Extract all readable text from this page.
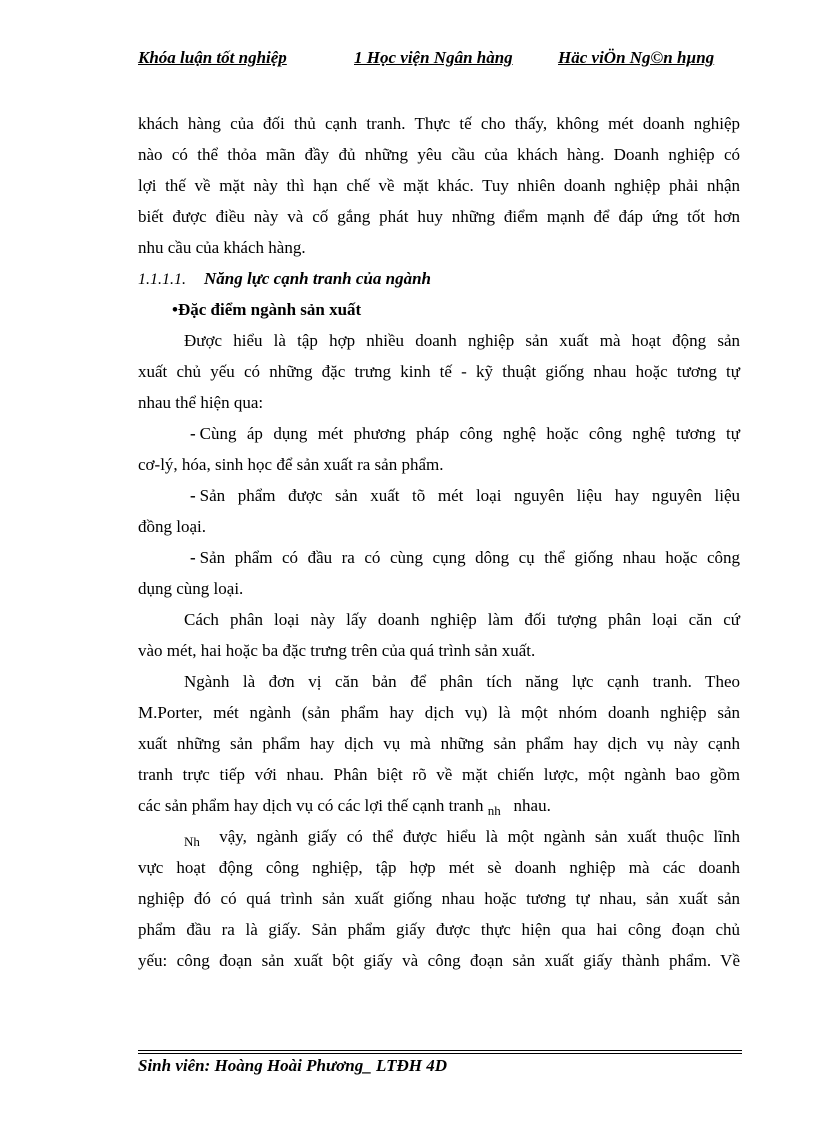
Khóa luận tốt nghiệp	1 Học viện Ngân hàng	Häc viÖn Ng©n hµng
khách hàng của đối thủ cạnh tranh. Thực tế cho thấy, không mét doanh nghiệp
nào có thể thỏa mãn đầy đủ những yêu cầu của khách hàng. Doanh nghiệp có
lợi thế về mặt này thì hạn chế về mặt khác. Tuy nhiên doanh nghiệp phải nhận
biết được điều này và cố gắng phát huy những điểm mạnh để đáp ứng tốt hơn
nhu cầu của khách hàng.
1.1.1.1. Năng lực cạnh tranh của ngành
•Đặc điểm ngành sản xuất
Được hiểu là tập hợp nhiều doanh nghiệp sản xuất mà hoạt động sản
xuất chủ yếu có những đặc trưng kinh tế - kỹ thuật giống nhau hoặc tương tự
nhau thể hiện qua:
- Cùng áp dụng mét phương pháp công nghệ hoặc công nghệ tương tự
cơ-lý, hóa, sinh học để sản xuất ra sản phẩm.
- Sản phẩm được sản xuất tõ mét loại nguyên liệu hay nguyên liệu
đồng loại.
- Sản phẩm có đầu ra có cùng cụng dông cụ thể giống nhau hoặc công
dụng cùng loại.
Cách phân loại này lấy doanh nghiệp làm đối tượng phân loại căn cứ
vào mét, hai hoặc ba đặc trưng trên của quá trình sản xuất.
Ngành là đơn vị căn bản để phân tích năng lực cạnh tranh. Theo
M.Porter, mét ngành (sản phẩm hay dịch vụ) là một nhóm doanh nghiệp sản
xuất những sản phẩm hay dịch vụ mà những sản phẩm hay dịch vụ này cạnh
tranh trực tiếp với nhau. Phân biệt rõ về mặt chiến lược, một ngành bao gồm
các sản phẩm hay dịch vụ có các lợi thế cạnh tranh $_{nh}$ nhau.
$_{Nh}$ vậy, ngành giấy có thể được hiểu là một ngành sản xuất thuộc lĩnh
vực hoạt động công nghiệp, tập hợp mét sè doanh nghiệp mà các doanh
nghiệp đó có quá trình sản xuất giống nhau hoặc tương tự nhau, sản xuất sản
phẩm đầu ra là giấy. Sản phẩm giấy được thực hiện qua hai công đoạn chủ
yếu: công đoạn sản xuất bột giấy và công đoạn sản xuất giấy thành phẩm. Về
Sinh viên: Hoàng Hoài Phương_ LTĐH 4D
